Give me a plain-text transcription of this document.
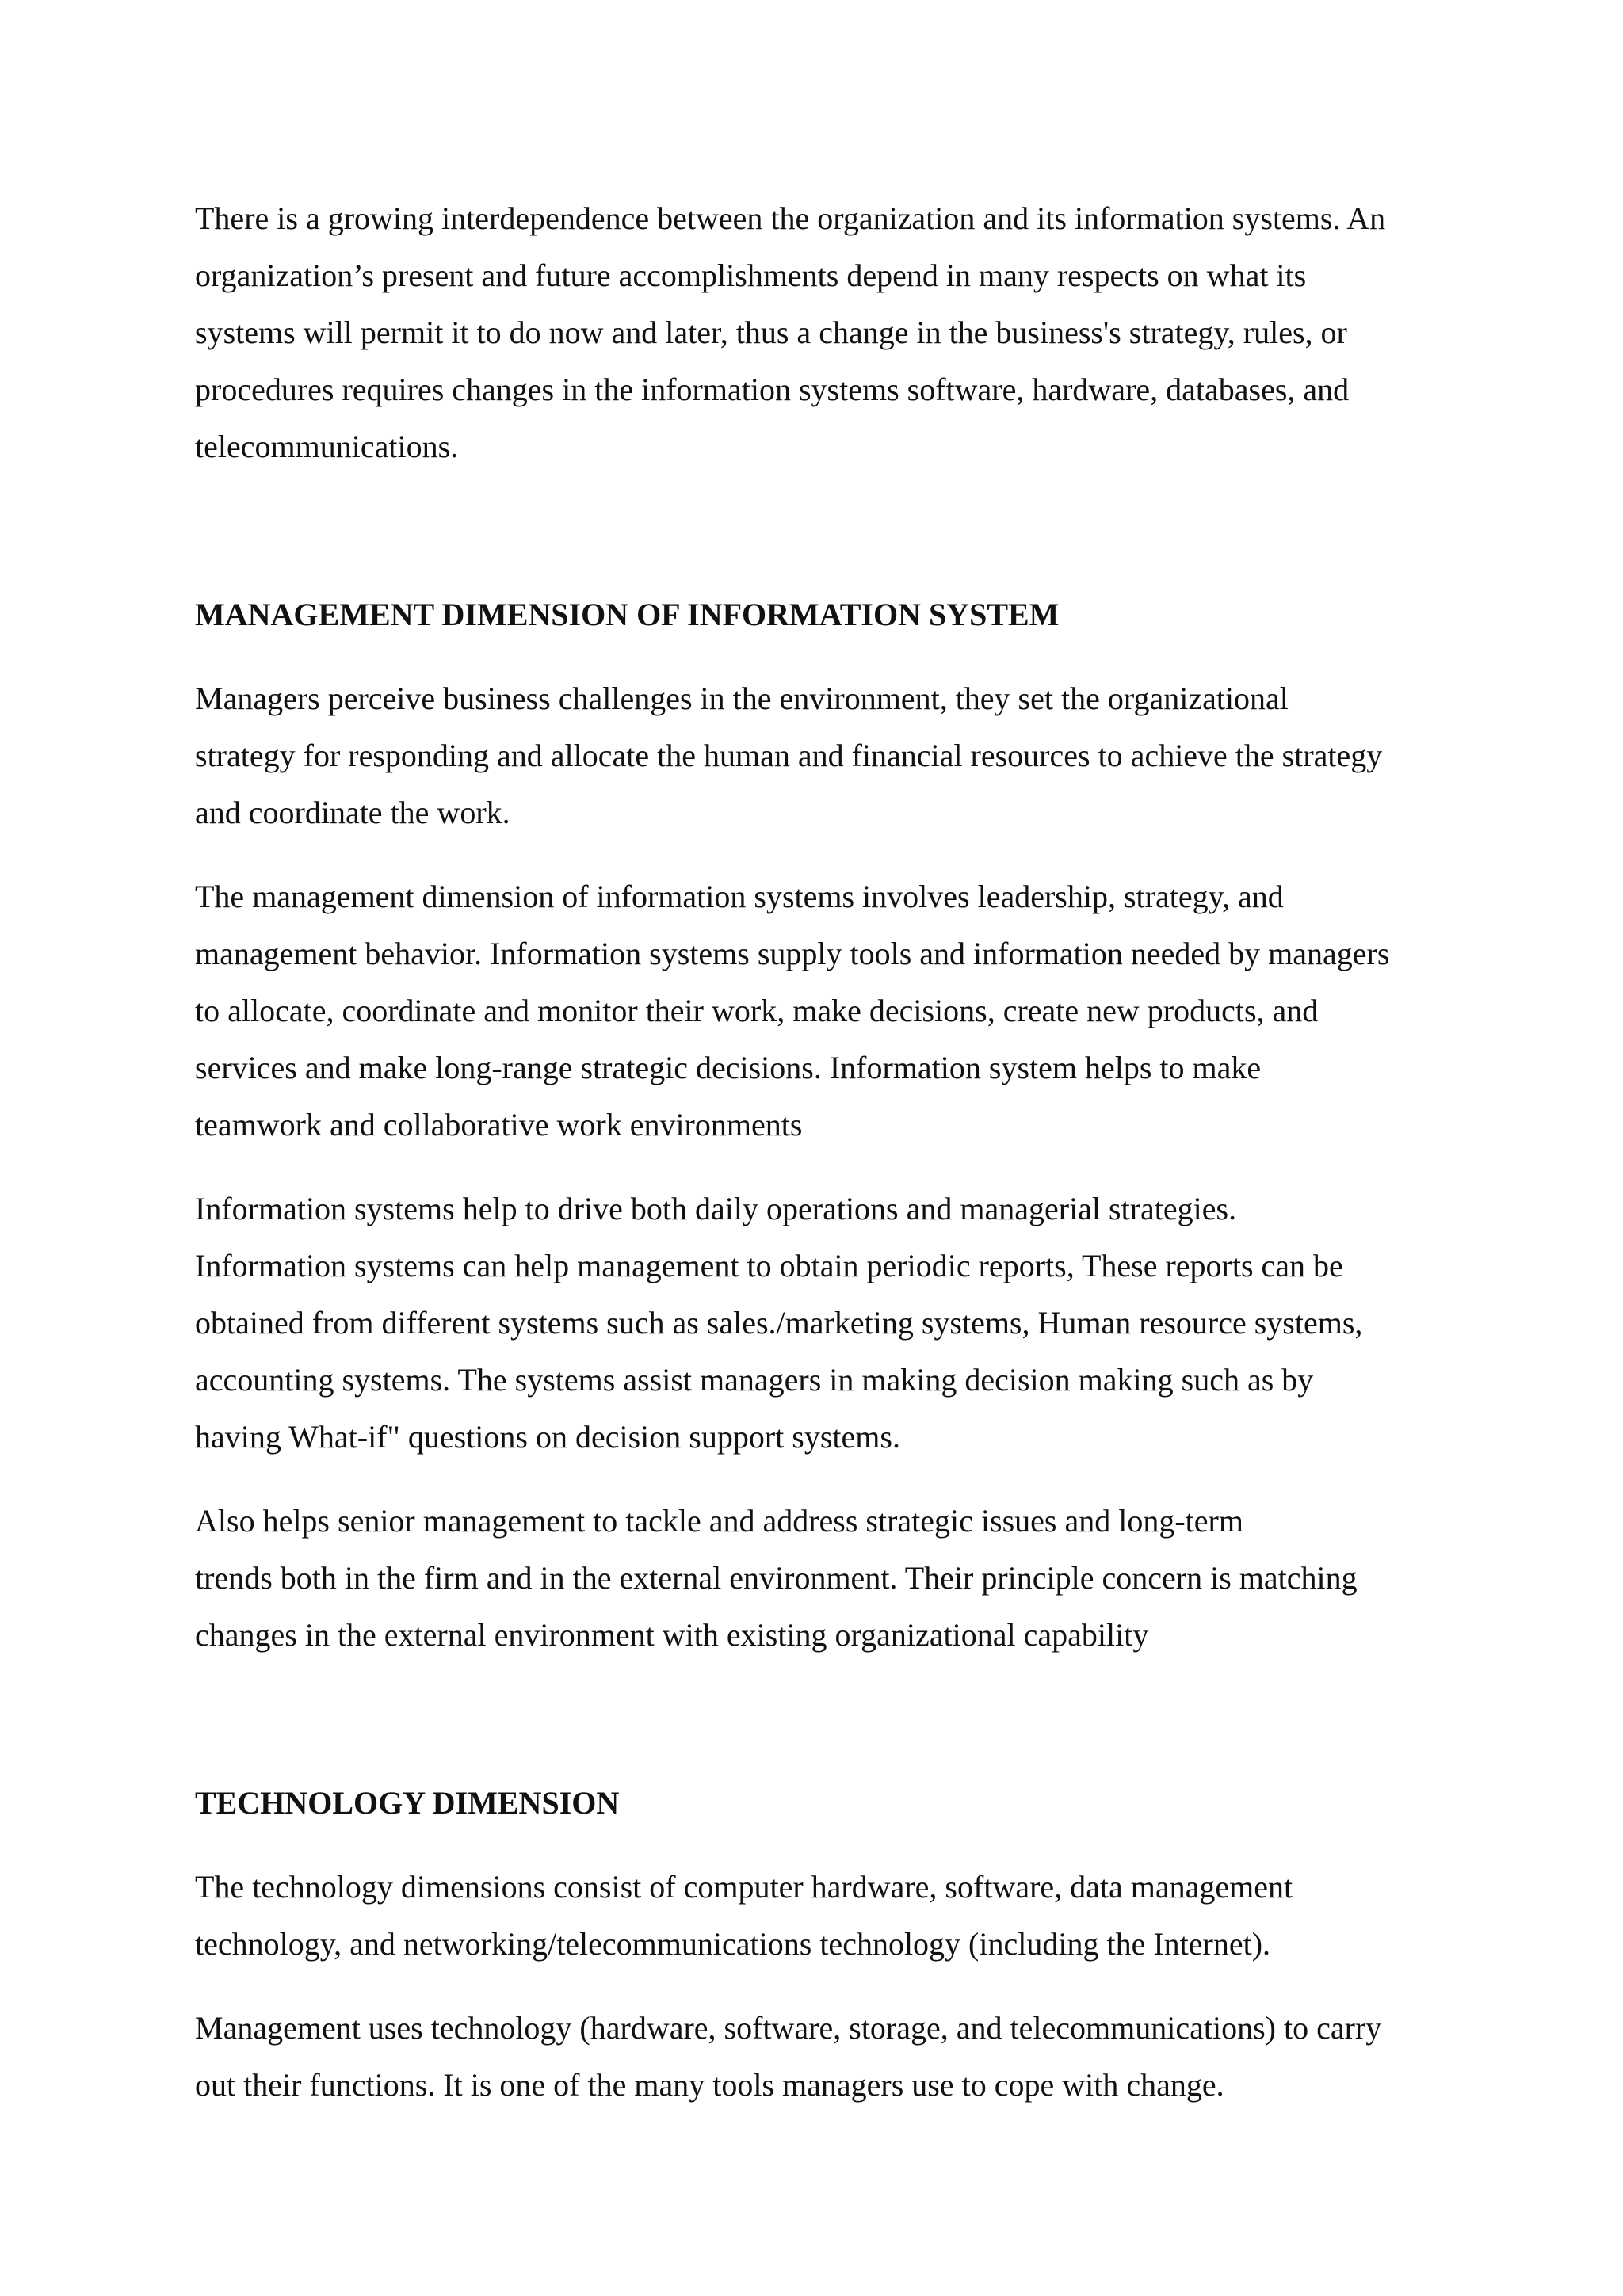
There is a growing interdependence between the organization and its information systems. An
organization’s present and future accomplishments depend in many respects on what its
systems will permit it to do now and later, thus a change in the business's strategy, rules, or
procedures requires changes in the information systems software, hardware, databases, and
telecommunications.

MANAGEMENT DIMENSION OF INFORMATION SYSTEM

Managers perceive business challenges in the environment, they set the organizational
strategy for responding and allocate the human and financial resources to achieve the strategy
and coordinate the work.

The management dimension of information systems involves leadership, strategy, and
management behavior. Information systems supply tools and information needed by managers
to allocate, coordinate and monitor their work, make decisions, create new products, and
services and make long-range strategic decisions. Information system helps to make
teamwork and collaborative work environments

Information systems help to drive both daily operations and managerial strategies.
Information systems can help management to obtain periodic reports, These reports can be
obtained from different systems such as sales./marketing systems, Human resource systems,
accounting systems. The systems assist managers in making decision making such as by
having What-if" questions on decision support systems.

Also helps senior management to tackle and address strategic issues and long-term
trends both in the firm and in the external environment. Their principle concern is matching
changes in the external environment with existing organizational capability

TECHNOLOGY DIMENSION

The technology dimensions consist of computer hardware, software, data management
technology, and networking/telecommunications technology (including the Internet).

Management uses technology (hardware, software, storage, and telecommunications) to carry
out their functions. It is one of the many tools managers use to cope with change.
